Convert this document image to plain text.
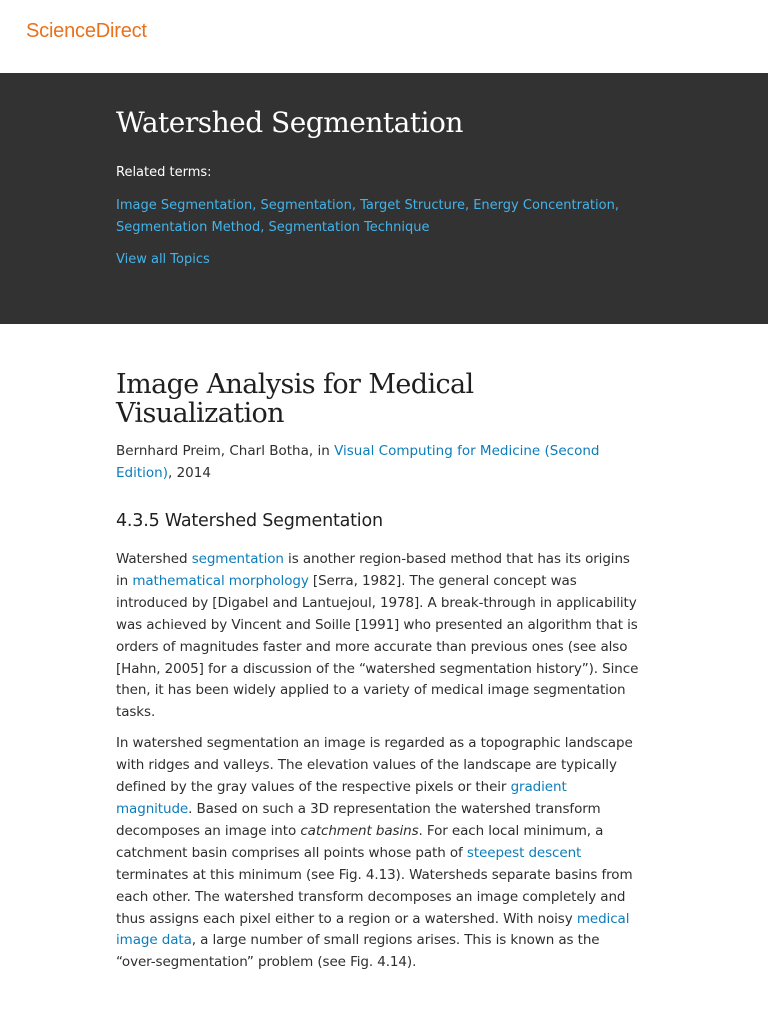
ScienceDirect
Watershed Segmentation
Related terms:
Image Segmentation, Segmentation, Target Structure, Energy Concentration, Segmentation Method, Segmentation Technique
View all Topics
Image Analysis for Medical Visualization
Bernhard Preim, Charl Botha, in Visual Computing for Medicine (Second Edition), 2014
4.3.5 Watershed Segmentation

Watershed segmentation is another region-based method that has its origins in mathematical morphology [Serra, 1982]. The general concept was introduced by [Digabel and Lantuejoul, 1978]. A break-through in applicability was achieved by Vincent and Soille [1991] who presented an algorithm that is orders of magnitudes faster and more accurate than previous ones (see also [Hahn, 2005] for a discussion of the “watershed segmentation history”). Since then, it has been widely applied to a variety of medical image segmentation tasks.

In watershed segmentation an image is regarded as a topographic landscape with ridges and valleys. The elevation values of the landscape are typically defined by the gray values of the respective pixels or their gradient magnitude. Based on such a 3D representation the watershed transform decomposes an image into catchment basins. For each local minimum, a catchment basin comprises all points whose path of steepest descent terminates at this minimum (see Fig. 4.13). Watersheds separate basins from each other. The watershed transform decomposes an image completely and thus assigns each pixel either to a region or a watershed. With noisy medical image data, a large number of small regions arises. This is known as the “over-segmentation” problem (see Fig. 4.14).
